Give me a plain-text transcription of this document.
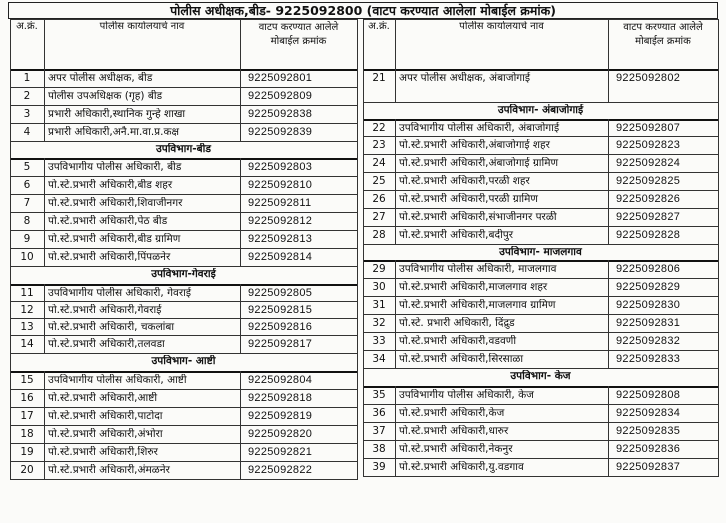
पोलीस अधीक्षक,बीड- 9225092800 (वाटप करण्यात आलेला मोबाईल क्रमांक)
अ.क्रं.	पोलीस कार्यालयाचे नाव	वाटप करण्यात आलेले मोबाईल क्रमांक
1	अपर पोलीस अधीक्षक, बीड	9225092801
2	पोलीस उपअधिक्षक (गृह) बीड	9225092809
3	प्रभारी अधिकारी,स्थानिक गुन्हे शाखा	9225092838
4	प्रभारी अधिकारी,अनै.मा.वा.प्र.कक्ष	9225092839
उपविभाग-बीड
5	उपविभागीय पोलीस अधिकारी, बीड	9225092803
6	पो.स्टे.प्रभारी अधिकारी,बीड शहर	9225092810
7	पो.स्टे.प्रभारी अधिकारी,शिवाजीनगर	9225092811
8	पो.स्टे.प्रभारी अधिकारी,पेठ बीड	9225092812
9	पो.स्टे.प्रभारी अधिकारी,बीड ग्रामिण	9225092813
10	पो.स्टे.प्रभारी अधिकारी,पिंपळनेर	9225092814
उपविभाग-गेवराई
11	उपविभागीय पोलीस अधिकारी, गेवराई	9225092805
12	पो.स्टे.प्रभारी अधिकारी,गेवराई	9225092815
13	पो.स्टे.प्रभारी अधिकारी, चकलांबा	9225092816
14	पो.स्टे.प्रभारी अधिकारी,तलवडा	9225092817
उपविभाग- आष्टी
15	उपविभागीय पोलीस अधिकारी, आष्टी	9225092804
16	पो.स्टे.प्रभारी अधिकारी,आष्टी	9225092818
17	पो.स्टे.प्रभारी अधिकारी,पाटोदा	9225092819
18	पो.स्टे.प्रभारी अधिकारी,अंभोरा	9225092820
19	पो.स्टे.प्रभारी अधिकारी,शिरुर	9225092821
20	पो.स्टे.प्रभारी अधिकारी,अंमळनेर	9225092822
अ.क्रं.	पोलीस कार्यालयाचे नाव	वाटप करण्यात आलेले मोबाईल क्रमांक
21	अपर पोलीस अधीक्षक, अंबाजोगाई	9225092802
उपविभाग- अंबाजोगाई
22	उपविभागीय पोलीस अधिकारी, अंबाजोगाई	9225092807
23	पो.स्टे.प्रभारी अधिकारी,अंबाजोगाई शहर	9225092823
24	पो.स्टे.प्रभारी अधिकारी,अंबाजोगाई ग्रामिण	9225092824
25	पो.स्टे.प्रभारी अधिकारी,परळी शहर	9225092825
26	पो.स्टे.प्रभारी अधिकारी,परळी ग्रामिण	9225092826
27	पो.स्टे.प्रभारी अधिकारी,संभाजीनगर परळी	9225092827
28	पो.स्टे.प्रभारी अधिकारी,बदीपुर	9225092828
उपविभाग- माजलगाव
29	उपविभागीय पोलीस अधिकारी, माजलगाव	9225092806
30	पो.स्टे.प्रभारी अधिकारी,माजलगाव शहर	9225092829
31	पो.स्टे.प्रभारी अधिकारी,माजलगाव ग्रामिण	9225092830
32	पो.स्टे. प्रभारी अधिकारी, दिंद्रुड	9225092831
33	पो.स्टे.प्रभारी अधिकारी,वडवणी	9225092832
34	पो.स्टे.प्रभारी अधिकारी,सिरसाळा	9225092833
उपविभाग- केज
35	उपविभागीय पोलीस अधिकारी, केज	9225092808
36	पो.स्टे.प्रभारी अधिकारी,केज	9225092834
37	पो.स्टे.प्रभारी अधिकारी,धारुर	9225092835
38	पो.स्टे.प्रभारी अधिकारी,नेकनुर	9225092836
39	पो.स्टे.प्रभारी अधिकारी,यु.वडगाव	9225092837
